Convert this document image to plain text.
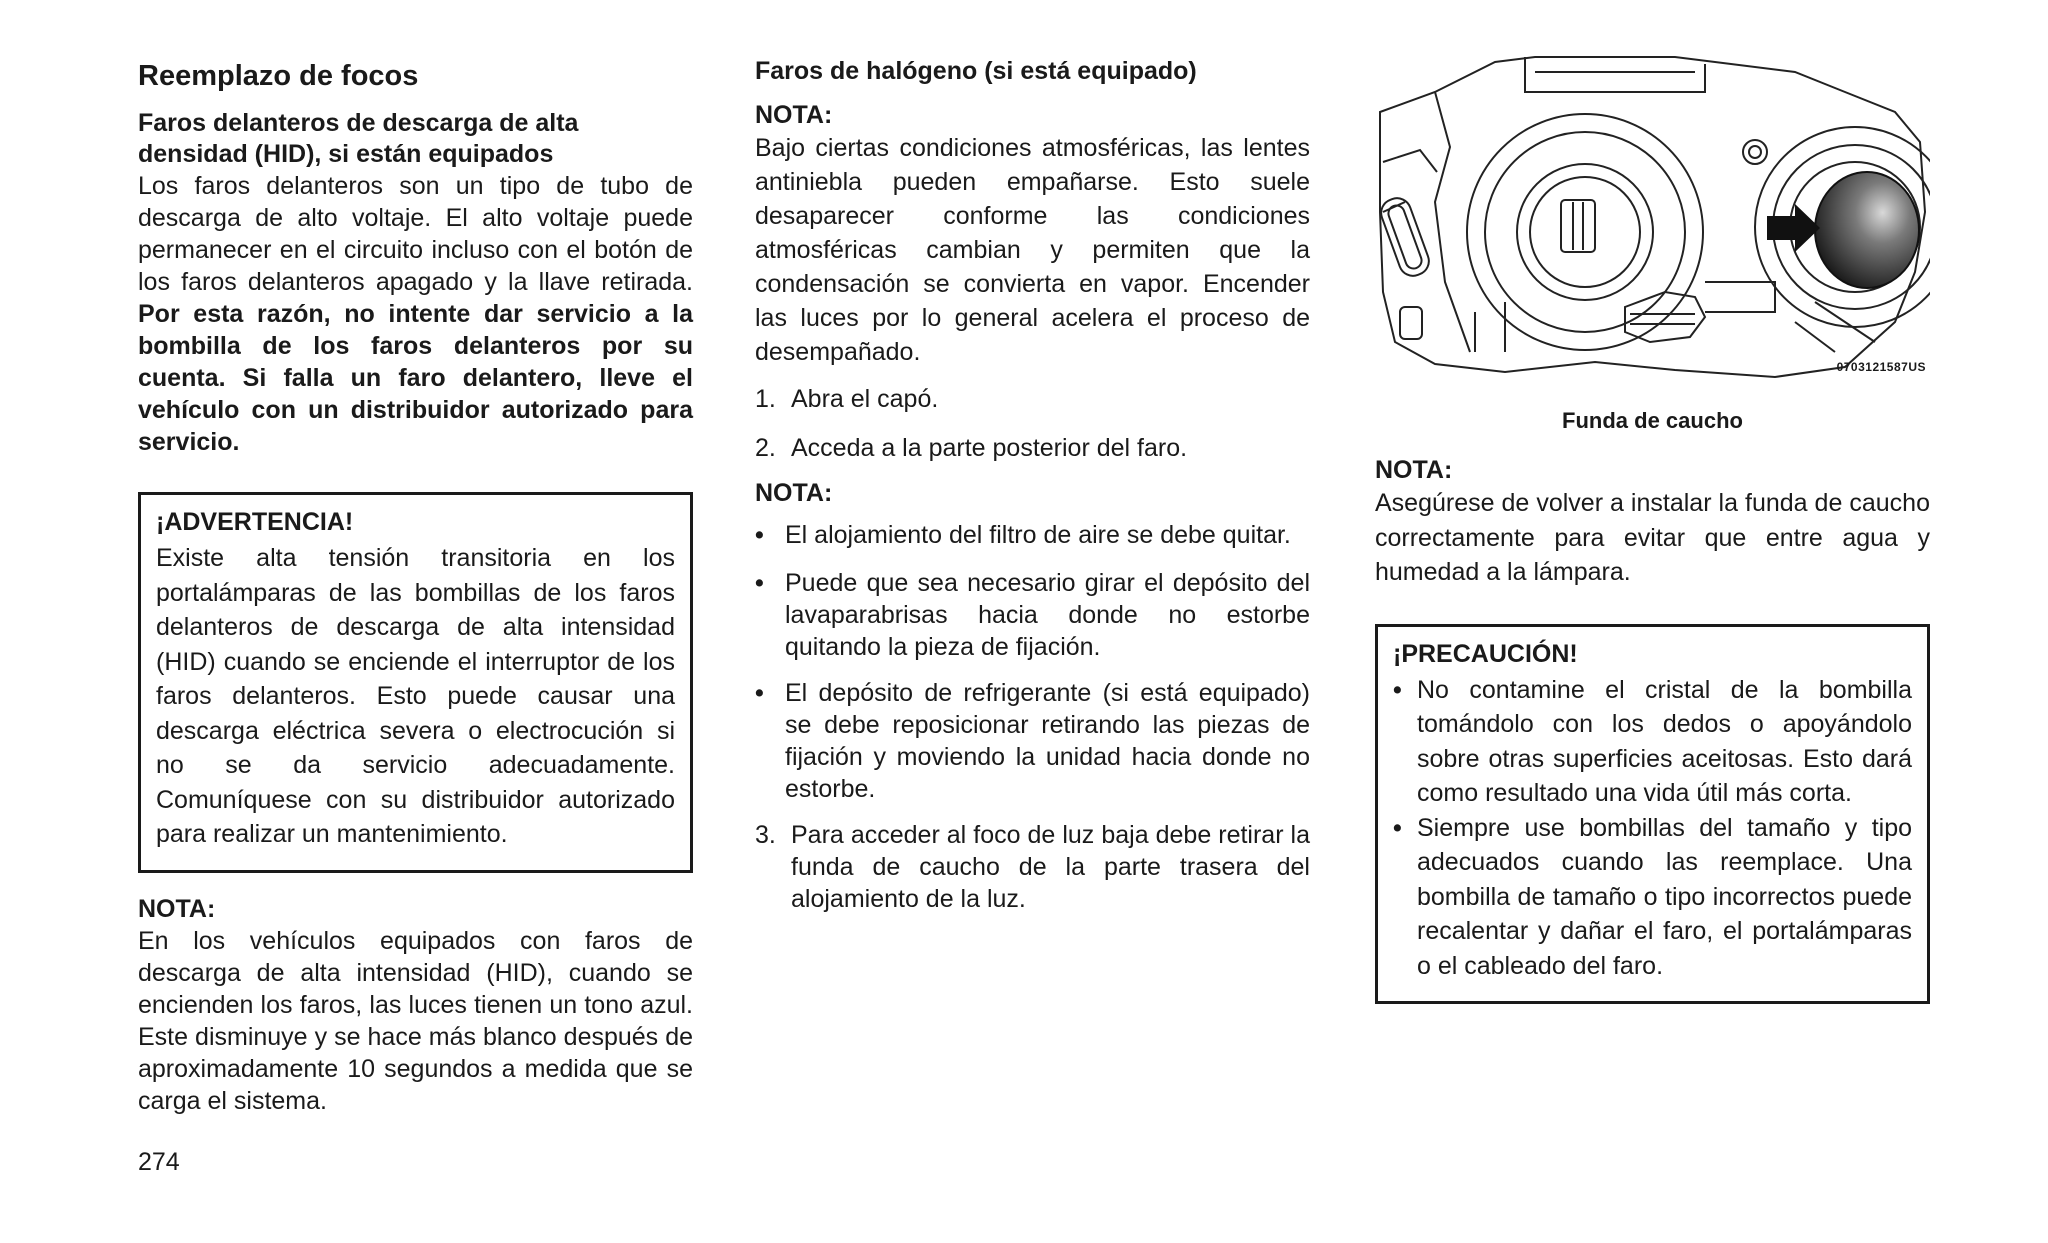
Reemplazo de focos
Faros delanteros de descarga de alta densidad (HID), si están equipados

Los faros delanteros son un tipo de tubo de descarga de alto voltaje. El alto voltaje puede permanecer en el circuito incluso con el botón de los faros delanteros apagado y la llave retirada. Por esta razón, no intente dar servicio a la bombilla de los faros delanteros por su cuenta. Si falla un faro delantero, lleve el vehículo con un distribuidor autorizado para servicio.

¡ADVERTENCIA!

Existe alta tensión transitoria en los portalámparas de las bombillas de los faros delanteros de descarga de alta intensidad (HID) cuando se enciende el interruptor de los faros delanteros. Esto puede causar una descarga eléctrica severa o electrocución si no se da servicio adecuadamente. Comuníquese con su distribuidor autorizado para realizar un mantenimiento.

NOTA:

En los vehículos equipados con faros de descarga de alta intensidad (HID), cuando se encienden los faros, las luces tienen un tono azul. Este disminuye y se hace más blanco después de aproximadamente 10 segundos a medida que se carga el sistema.

Faros de halógeno (si está equipado)
NOTA:

Bajo ciertas condiciones atmosféricas, las lentes antiniebla pueden empañarse. Esto suele desaparecer conforme las condiciones atmosféricas cambian y permiten que la condensación se convierta en vapor. Encender las luces por lo general acelera el proceso de desempañado.

1. Abra el capó.
2. Acceda a la parte posterior del faro.
NOTA:
• El alojamiento del filtro de aire se debe quitar.
• Puede que sea necesario girar el depósito del lavaparabrisas hacia donde no estorbe quitando la pieza de fijación.
• El depósito de refrigerante (si está equipado) se debe reposicionar retirando las piezas de fijación y moviendo la unidad hacia donde no estorbe.
3. Para acceder al foco de luz baja debe retirar la funda de caucho de la parte trasera del alojamiento de la luz.
0703121587US
Funda de caucho
NOTA:

Asegúrese de volver a instalar la funda de caucho correctamente para evitar que entre agua y humedad a la lámpara.

¡PRECAUCIÓN!
• No contamine el cristal de la bombilla tomándolo con los dedos o apoyándolo sobre otras superficies aceitosas. Esto dará como resultado una vida útil más corta.
• Siempre use bombillas del tamaño y tipo adecuados cuando las reemplace. Una bombilla de tamaño o tipo incorrectos puede recalentar y dañar el faro, el portalámparas o el cableado del faro.
274
